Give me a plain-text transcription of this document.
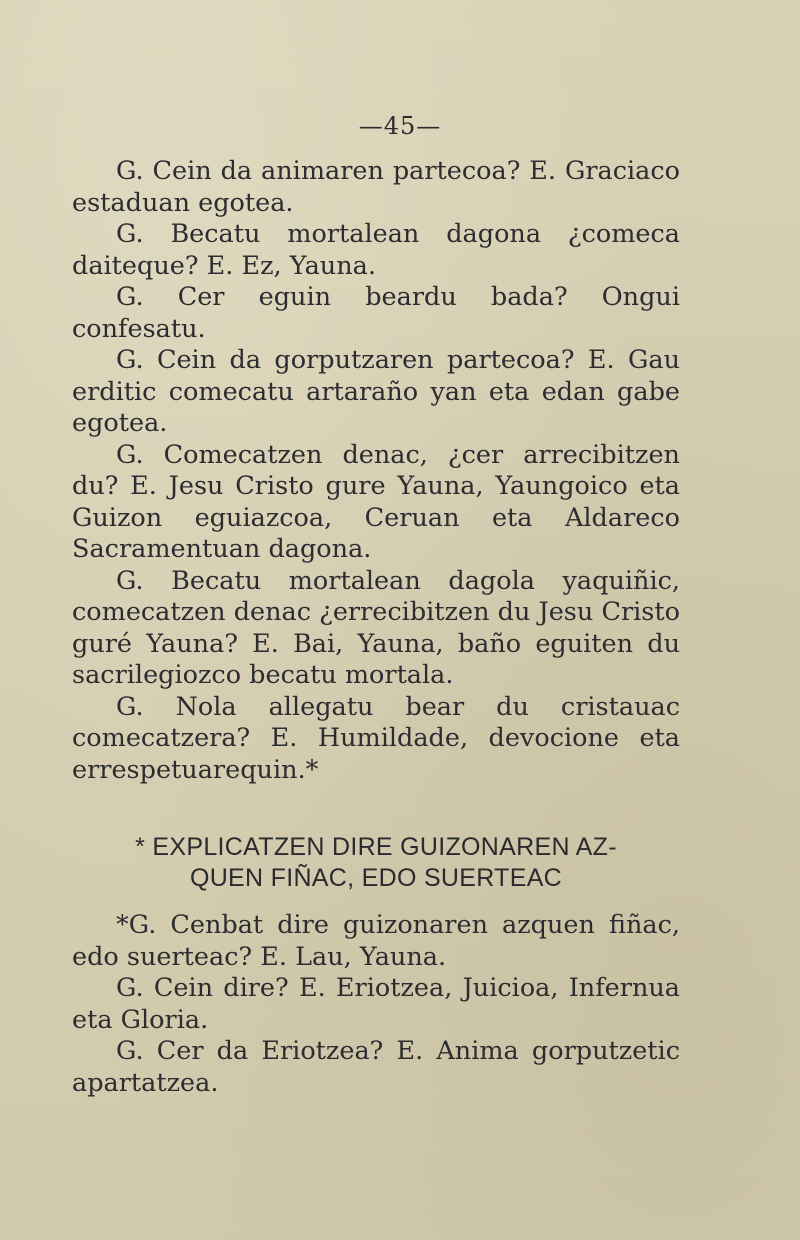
—45—

G. Cein da animaren partecoa? E. Graciaco estaduan egotea.

G. Becatu mortalean dagona ¿comeca daiteque? E. Ez, Yauna.

G. Cer eguin beardu bada? Ongui confesatu.

G. Cein da gorputzaren partecoa? E. Gau erditic comecatu artaraño yan eta edan gabe egotea.

G. Comecatzen denac, ¿cer arrecibitzen du? E. Jesu Cristo gure Yauna, Yaungoico eta Guizon eguiazcoa, Ceruan eta Aldareco Sacramentuan dagona.

G. Becatu mortalean dagola yaquiñic, comecatzen denac ¿errecibitzen du Jesu Cristo guré Yauna? E. Bai, Yauna, baño eguiten du sacrilegiozco becatu mortala.

G. Nola allegatu bear du cristauac comecatzera? E. Humildade, devocione eta errespetuarequin.*

* EXPLICATZEN DIRE GUIZONAREN AZ-
QUEN FIÑAC, EDO SUERTEAC

*G. Cenbat dire guizonaren azquen fiñac, edo suerteac? E. Lau, Yauna.

G. Cein dire? E. Eriotzea, Juicioa, Infernua eta Gloria.

G. Cer da Eriotzea? E. Anima gorputzetic apartatzea.
